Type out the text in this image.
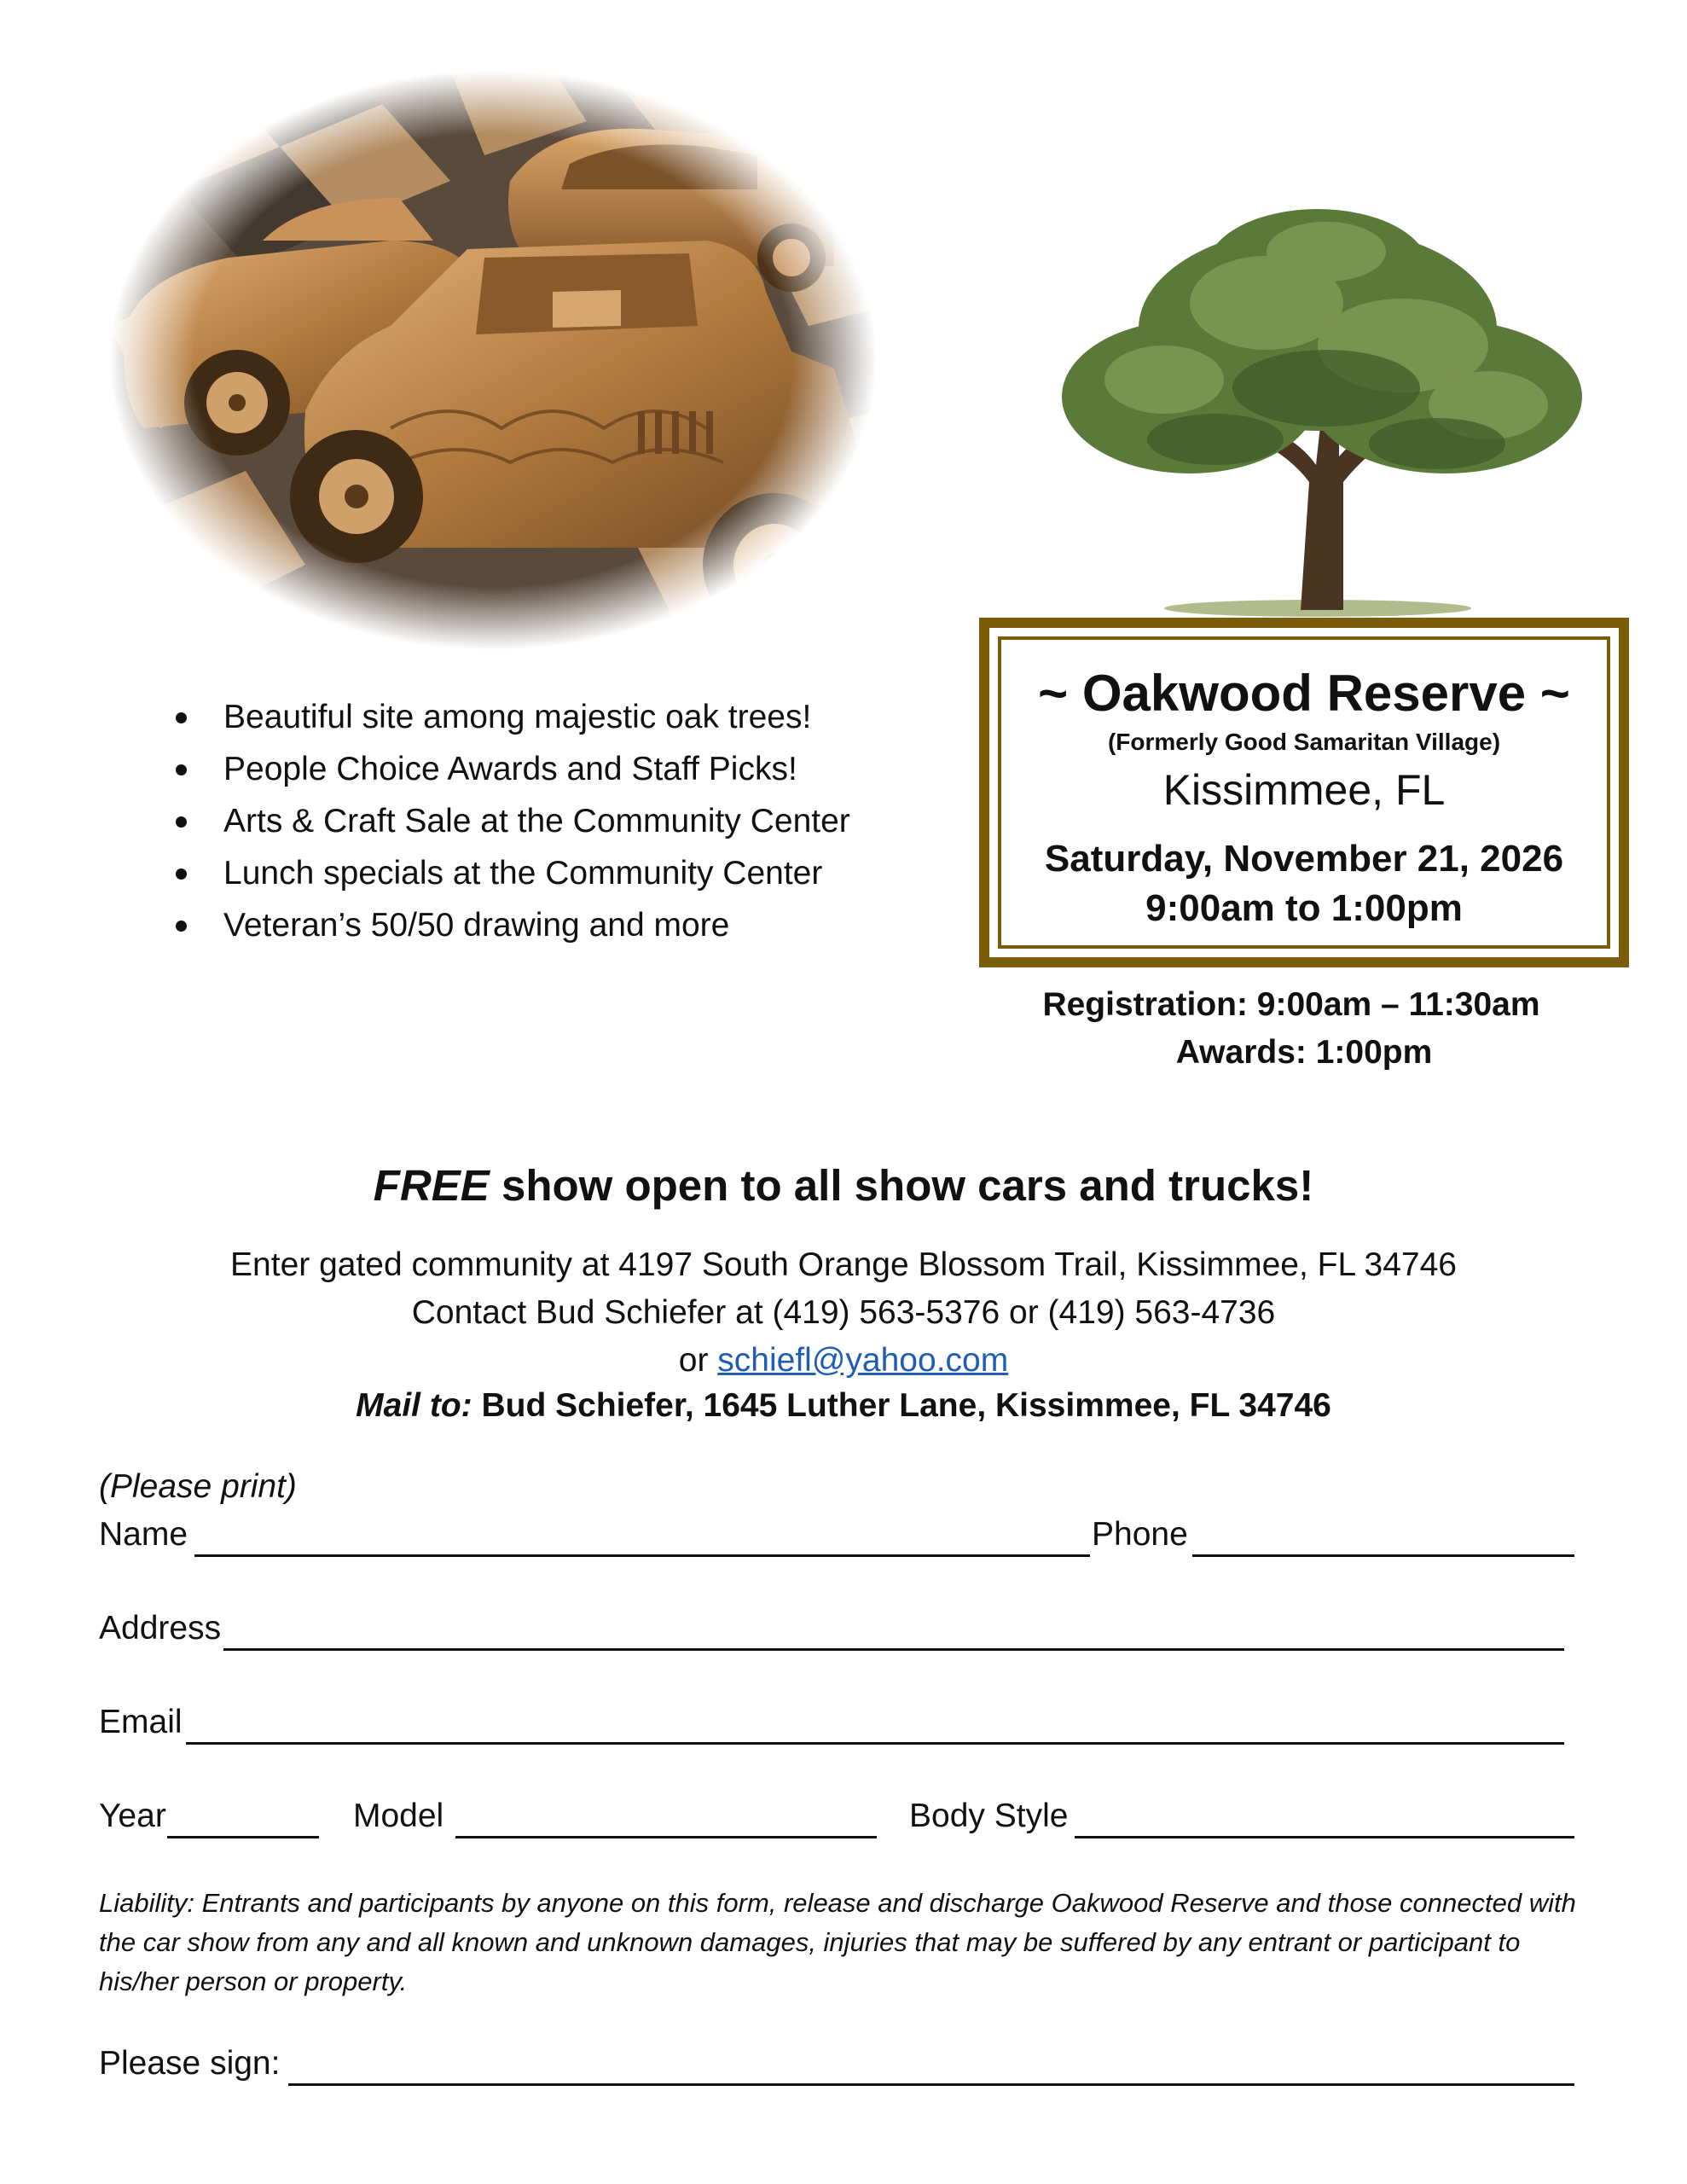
Beautiful site among majestic oak trees!
People Choice Awards and Staff Picks!
Arts & Craft Sale at the Community Center
Lunch specials at the Community Center
Veteran’s 50/50 drawing and more
~ Oakwood Reserve ~
(Formerly Good Samaritan Village)
Kissimmee, FL
Saturday, November 21, 2026
9:00am to 1:00pm
Registration: 9:00am – 11:30am
Awards: 1:00pm
FREE show open to all show cars and trucks!
Enter gated community at 4197 South Orange Blossom Trail, Kissimmee, FL 34746
Contact Bud Schiefer at (419) 563-5376 or (419) 563-4736
or schiefl@yahoo.com
Mail to: Bud Schiefer, 1645 Luther Lane, Kissimmee, FL 34746
(Please print)
Name	Phone
Address
Email
Year	Model	Body Style
Liability: Entrants and participants by anyone on this form, release and discharge Oakwood Reserve and those connected with the car show from any and all known and unknown damages, injuries that may be suffered by any entrant or participant to his/her person or property.
Please sign:
